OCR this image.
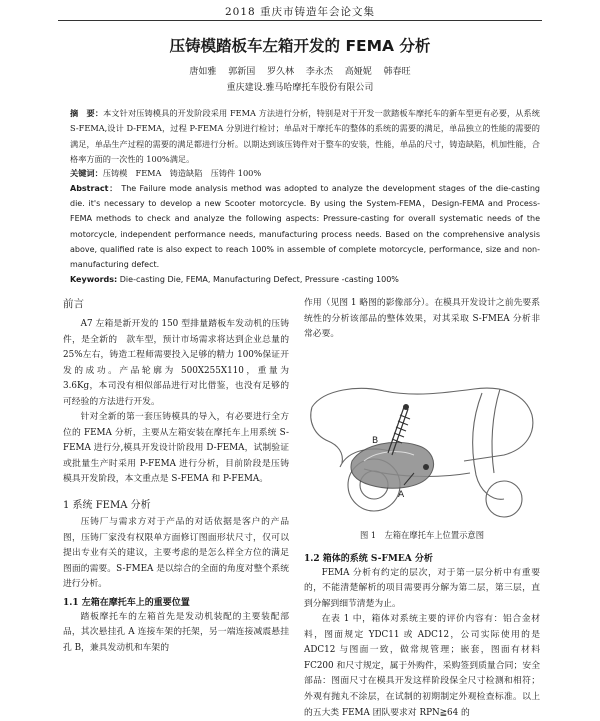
2018 重庆市铸造年会论文集
压铸模踏板车左箱开发的 FEMA 分析
唐如雅 郭新国 罗久林 李永杰 高娅妮 韩春旺
重庆建设.雅马哈摩托车股份有限公司
摘　要：本文针对压铸模具的开发阶段采用 FEMA 方法进行分析，特别是对于开发一款踏板车摩托车的新车型更有必要，从系统 S-FEMA,设计 D-FEMA，过程 P-FEMA 分别进行检讨；单品对于摩托车的整体的系统的需要的满足，单品独立的性能的需要的满足，单品生产过程的需要的满足都进行分析。以期达到该压铸件对于整车的安装，性能，单品的尺寸，铸造缺陷，机加性能，合格率方面的一次性的 100%满足。
关键词：压铸模　FEMA　铸造缺陷　压铸件 100%
Abstract： The Failure mode analysis method was adopted to analyze the development stages of the die-casting die. it's necessary to develop a new Scooter motorcycle. By using the System-FEMA，Design-FEMA and Process-FEMA methods to check and analyze the following aspects: Pressure-casting for overall systematic needs of the motorcycle, independent performance needs, manufacturing process needs. Based on the comprehensive analysis above, qualified rate is also expect to reach 100% in assemble of complete motorcycle, performance, size and non-manufacturing defect.
Keywords: Die-casting Die, FEMA, Manufacturing Defect, Pressure -casting 100%
前言

A7 左箱是新开发的 150 型排量踏板车发动机的压铸件，是全新的　款车型，预计市场需求将达到企业总量的 25%左右，铸造工程师需要投入足够的精力 100%保证开发的成功。产品轮廓为 500X255X110，重量为 3.6Kg，本司没有相似部品进行对比借鉴，也没有足够的可经验的方法进行开发。

针对全新的第一套压铸模具的导入，有必要进行全方位的 FEMA 分析，主要从左箱安装在摩托车上用系统 S-FEMA 进行分,模具开发设计阶段用 D-FEMA，试制验证或批量生产时采用 P-FEMA 进行分析，目前阶段是压铸模具开发阶段，本文重点是 S-FEMA 和 P-FEMA。

1 系统 FEMA 分析

压铸厂与需求方对于产品的对话依据是客户的产品图，压铸厂家没有权限单方面修订图面形状尺寸，仅可以提出专业有关的建议，主要考虑的是怎么样全方位的满足图面的需要。S-FMEA 是以综合的全面的角度对整个系统进行分析。

1.1 左箱在摩托车上的重要位置

踏板摩托车的左箱首先是发动机装配的主要装配部品，其次悬挂孔 A 连接车架的托架，另一端连接减震悬挂孔 B，兼具发动机和车架的

作用（见图 1 略图的影像部分）。在模具开发设计之前先要系统性的分析该部品的整体效果，对其采取 S-FMEA 分析非常必要。

A
B
图 1　左箱在摩托车上位置示意图
1.2 箱体的系统 S-FMEA 分析

FEMA 分析有约定的层次，对于第一层分析中有重要的，不能清楚解析的项目需要再分解为第二层，第三层，直到分解到细节清楚为止。

在表 1 中，箱体对系统主要的评价内容有：铝合金材料，图面规定 YDC11 或 ADC12，公司实际使用的是 ADC12 与图面一致，做常规管理；嵌套，图面有材料 FC200 和尺寸规定，属于外购件，采购签到质量合同；安全部品：图面尺寸在模具开发这样阶段保全尺寸检测和相符；外观有抛丸不涂层，在试制的初期制定外观检查标准。以上的五大类 FEMA 团队要求对 RPN≧64 的
